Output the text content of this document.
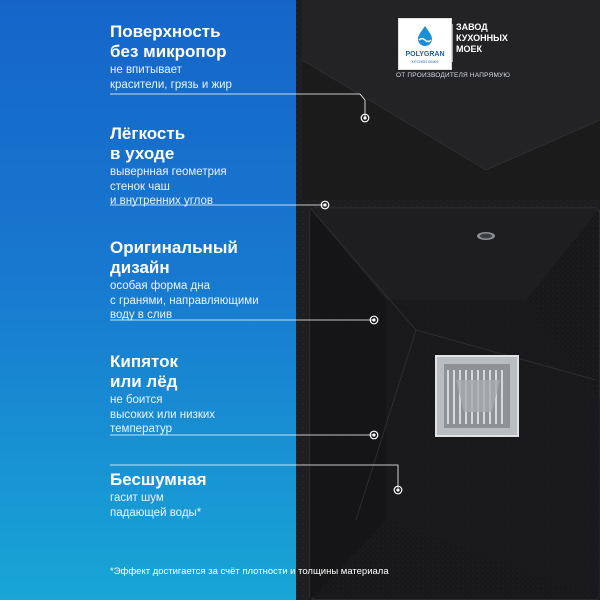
Поверхность
без микропор
не впитывает
красители, грязь и жир
Лёгкость
в уходе
вывернная геометрия
стенок чаш
и внутренних углов
Оригинальный
дизайн
особая форма дна
с гранями, направляющими
воду в слив
Кипяток
или лёд
не боится
высоких или низких
температур
Бесшумная
гасит шум
падающей воды*
POLYGRAN
KITCHEN SINKS
ЗАВОД
КУХОННЫХ
МОЕК
ОТ ПРОИЗВОДИТЕЛЯ НАПРЯМУЮ
*Эффект достигается за счёт плотности и толщины материала
